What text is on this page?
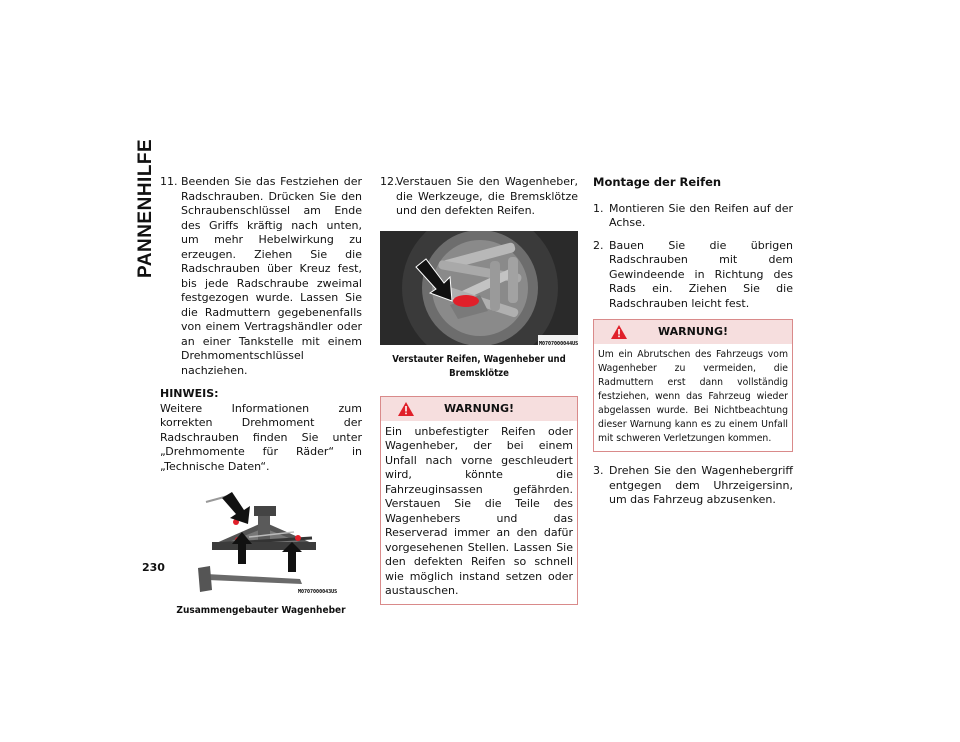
PANNENHILFE
230

11. Beenden Sie das Festziehen der Radschrauben. Drücken Sie den Schraubenschlüssel am Ende des Griffs kräftig nach unten, um mehr Hebelwirkung zu erzeugen. Ziehen Sie die Radschrauben über Kreuz fest, bis jede Radschraube zweimal festgezogen wurde. Lassen Sie die Radmuttern gegebenenfalls von einem Vertragshändler oder an einer Tankstelle mit einem Drehmomentschlüssel nachziehen.

HINWEIS:

Weitere Informationen zum korrekten Drehmoment der Radschrauben finden Sie unter „Drehmomente für Räder“ in „Technische Daten“.

M0707000043US
Zusammengebauter Wagenheber

12.
Verstauen Sie den Wagenheber, die Werkzeuge, die Bremsklötze und den defekten Reifen.

M0707000044US
Verstauter Reifen, Wagenheber und Bremsklötze
WARNUNG!
Ein unbefestigter Reifen oder Wagenheber, der bei einem Unfall nach vorne geschleudert wird, könnte die Fahrzeuginsassen gefährden. Verstauen Sie die Teile des Wagenhebers und das Reserverad immer an den dafür vorgesehenen Stellen. Lassen Sie den defekten Reifen so schnell wie möglich instand setzen oder austauschen.
Montage der Reifen

1. Montieren Sie den Reifen auf der Achse.

2. Bauen Sie die übrigen Radschrauben mit dem Gewindeende in Richtung des Rads ein. Ziehen Sie die Radschrauben leicht fest.

WARNUNG!
Um ein Abrutschen des Fahrzeugs vom Wagenheber zu vermeiden, die Radmuttern erst dann vollständig festziehen, wenn das Fahrzeug wieder abgelassen wurde. Bei Nichtbeachtung dieser Warnung kann es zu einem Unfall mit schweren Verletzungen kommen.

3. Drehen Sie den Wagenhebergriff entgegen dem Uhrzeigersinn, um das Fahrzeug abzusenken.
